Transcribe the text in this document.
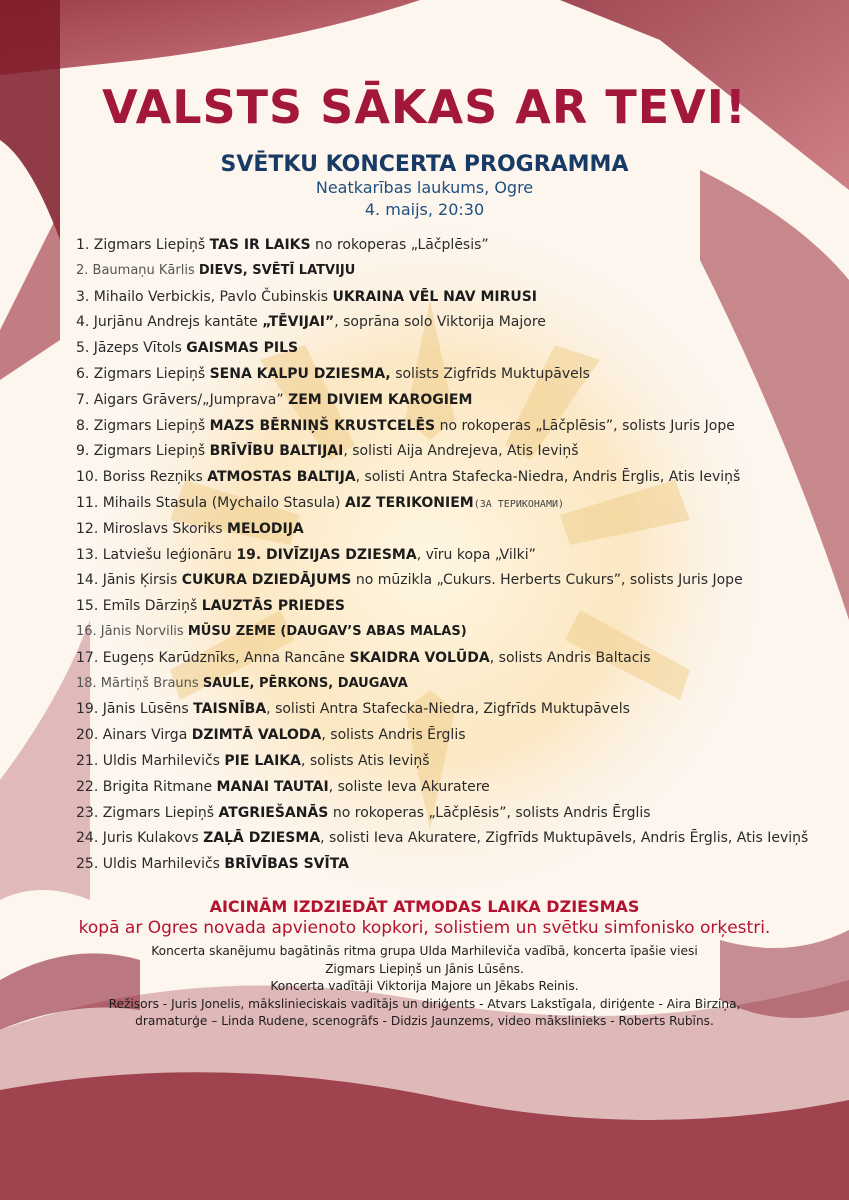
VALSTS SĀKAS AR TEVI!
SVĒTKU KONCERTA PROGRAMMA
Neatkarības laukums, Ogre
4. maijs, 20:30
1. Zigmars Liepiņš TAS IR LAIKS no rokoperas „Lāčplēsis”
2. Baumaņu Kārlis DIEVS, SVĒTĪ LATVIJU
3. Mihailo Verbickis, Pavlo Čubinskis UKRAINA VĒL NAV MIRUSI
4. Jurjānu Andrejs kantāte „TĒVIJAI”, soprāna solo Viktorija Majore
5. Jāzeps Vītols GAISMAS PILS
6. Zigmars Liepiņš SENA KALPU DZIESMA, solists Zigfrīds Muktupāvels
7. Aigars Grāvers/„Jumprava” ZEM DIVIEM KAROGIEM
8. Zigmars Liepiņš MAZS BĒRNIŅŠ KRUSTCELĒS no rokoperas „Lāčplēsis”, solists Juris Jope
9. Zigmars Liepiņš BRĪVĪBU BALTIJAI, solisti Aija Andrejeva, Atis Ieviņš
10. Boriss Rezņiks ATMOSTAS BALTIJA, solisti Antra Stafecka-Niedra, Andris Ērglis, Atis Ieviņš
11. Mihails Stasula (Mychailo Stasula) AIZ TERIKONIEM(ЗА ТЕРИКОНАМИ)
12. Miroslavs Skoriks MELODIJA
13. Latviešu leģionāru 19. DIVĪZIJAS DZIESMA, vīru kopa „Vilki”
14. Jānis Ķirsis CUKURA DZIEDĀJUMS no mūzikla „Cukurs. Herberts Cukurs”, solists Juris Jope
15. Emīls Dārziņš LAUZTĀS PRIEDES
16. Jānis Norvilis MŪSU ZEME (DAUGAV’S ABAS MALAS)
17. Eugeņs Karūdznīks, Anna Rancāne SKAIDRA VOLŪDA, solists Andris Baltacis
18. Mārtiņš Brauns SAULE, PĒRKONS, DAUGAVA
19. Jānis Lūsēns TAISNĪBA, solisti Antra Stafecka-Niedra, Zigfrīds Muktupāvels
20. Ainars Virga DZIMTĀ VALODA, solists Andris Ērglis
21. Uldis Marhilevičs PIE LAIKA, solists Atis Ieviņš
22. Brigita Ritmane MANAI TAUTAI, soliste Ieva Akuratere
23. Zigmars Liepiņš ATGRIEŠANĀS no rokoperas „Lāčplēsis”, solists Andris Ērglis
24. Juris Kulakovs ZAĻĀ DZIESMA, solisti Ieva Akuratere, Zigfrīds Muktupāvels, Andris Ērglis, Atis Ieviņš
25. Uldis Marhilevičs BRĪVĪBAS SVĪTA
AICINĀM IZDZIEDĀT ATMODAS LAIKA DZIESMAS
kopā ar Ogres novada apvienoto kopkori, solistiem un svētku simfonisko orķestri.
Koncerta skanējumu bagātinās ritma grupa Ulda Marhileviča vadībā, koncerta īpašie viesi
Zigmars Liepiņš un Jānis Lūsēns.
Koncerta vadītāji Viktorija Majore un Jēkabs Reinis.
Režisors - Juris Jonelis, mākslinieciskais vadītājs un diriģents - Atvars Lakstīgala, diriģente - Aira Birziņa,
dramaturģe – Linda Rudene, scenogrāfs - Didzis Jaunzems, video mākslinieks - Roberts Rubīns.
